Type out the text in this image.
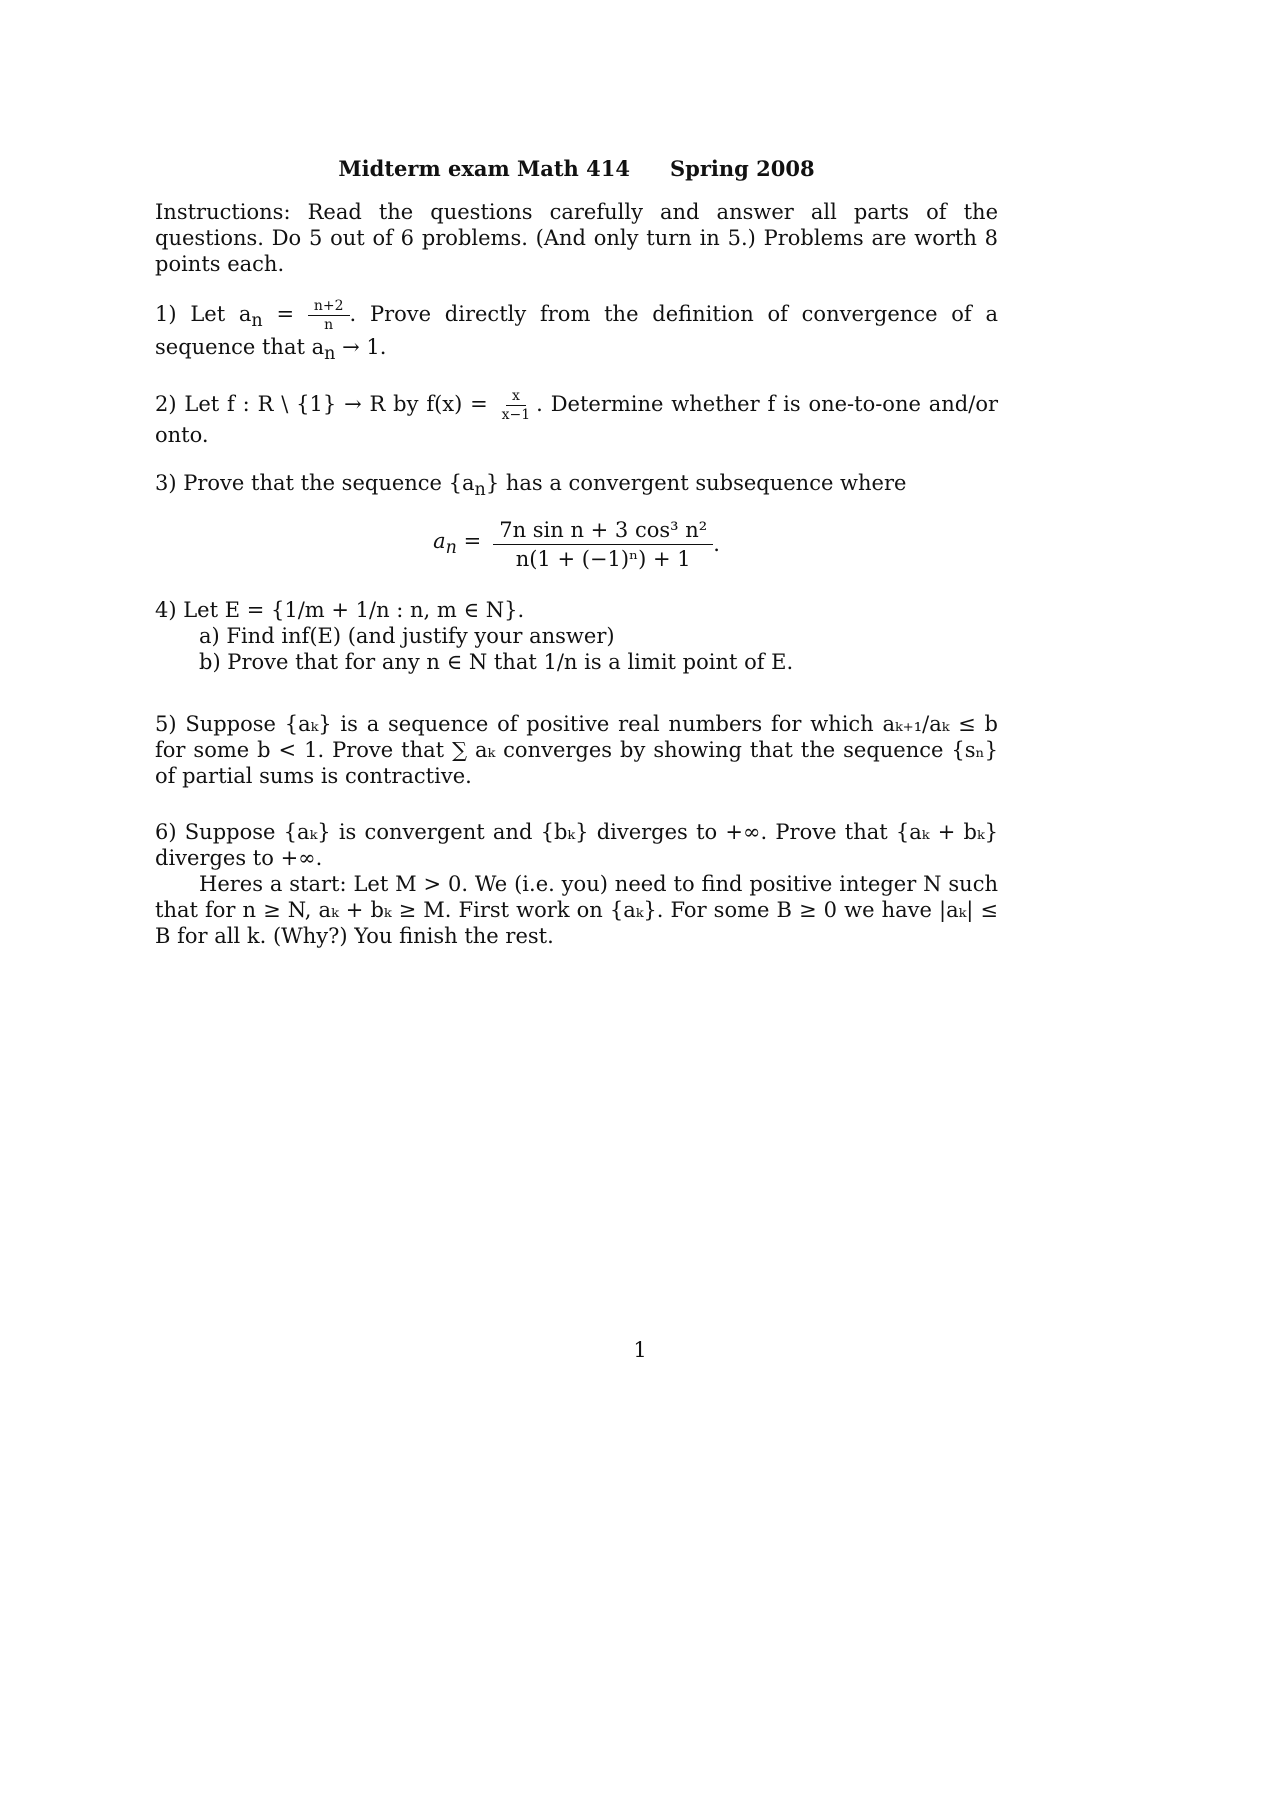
Midterm exam Math 414 Spring 2008

Instructions: Read the questions carefully and answer all parts of the questions. Do 5 out of 6 problems. (And only turn in 5.) Problems are worth 8 points each.

1) Let $a_n = \frac{n+2}{n}$ . Prove directly from the definition of convergence of a sequence that $a_n \to 1$.

2) Let f : R \ {1} → R by $f(x) = \frac{x}{x-1}$ . Determine whether f is one-to-one and/or onto.

3) Prove that the sequence $\{a_n\}$ has a convergent subsequence where

$a_n = \frac{\text{7n sin n + 3 cos³ n²}}{\text{n(1 + (−1)ⁿ) + 1}}$ .

4) Let E = {1/m + 1/n : n, m ∈ N}.

a) Find inf(E) (and justify your answer)

b) Prove that for any n ∈ N that 1/n is a limit point of E.

5) Suppose {aₖ} is a sequence of positive real numbers for which aₖ₊₁/aₖ ≤ b for some b < 1. Prove that ∑ aₖ converges by showing that the sequence {sₙ} of partial sums is contractive.

6) Suppose {aₖ} is convergent and {bₖ} diverges to +∞. Prove that {aₖ + bₖ} diverges to +∞.

Heres a start: Let M > 0. We (i.e. you) need to find positive integer N such that for n ≥ N, aₖ + bₖ ≥ M. First work on {aₖ}. For some B ≥ 0 we have |aₖ| ≤ B for all k. (Why?) You finish the rest.

1
